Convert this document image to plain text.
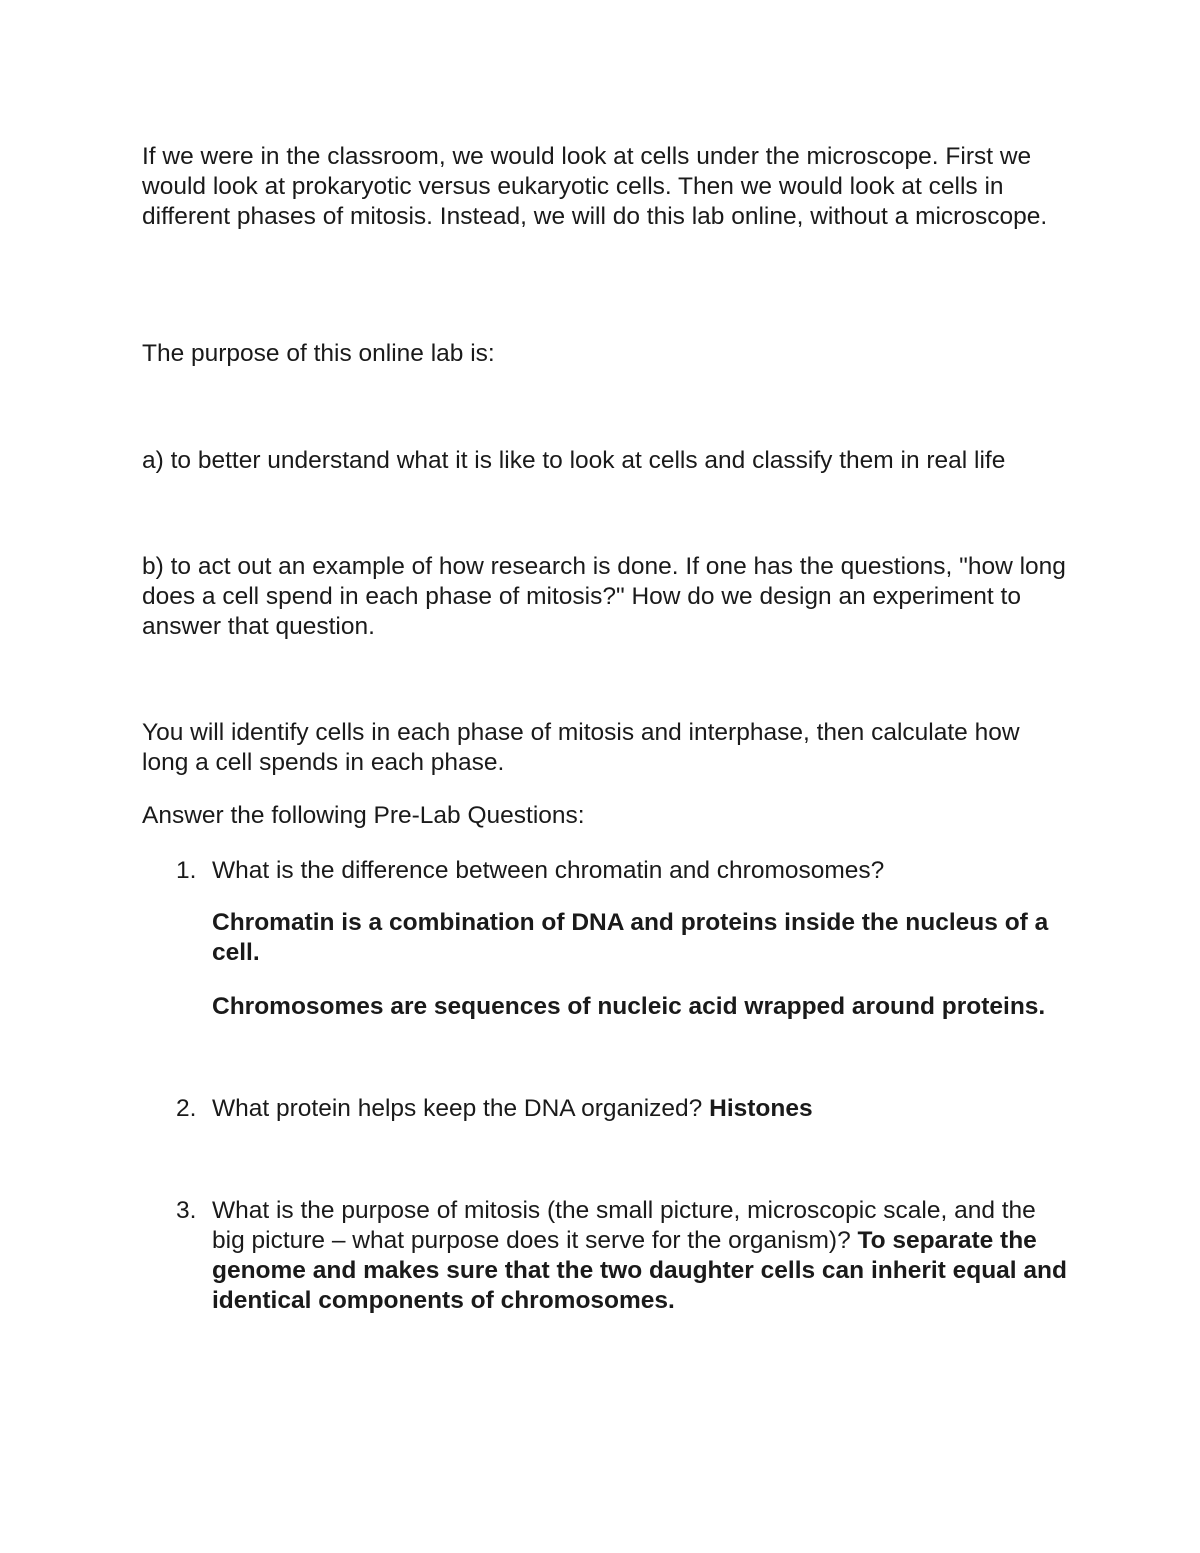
If we were in the classroom, we would look at cells under the microscope. First we would look at prokaryotic versus eukaryotic cells. Then we would look at cells in different phases of mitosis. Instead, we will do this lab online, without a microscope.

The purpose of this online lab is:

a) to better understand what it is like to look at cells and classify them in real life

b) to act out an example of how research is done. If one has the questions, "how long does a cell spend in each phase of mitosis?" How do we design an experiment to answer that question.

You will identify cells in each phase of mitosis and interphase, then calculate how long a cell spends in each phase.

Answer the following Pre-Lab Questions:

1. What is the difference between chromatin and chromosomes?
Chromatin is a combination of DNA and proteins inside the nucleus of a cell.
Chromosomes are sequences of nucleic acid wrapped around proteins.
2. What protein helps keep the DNA organized? Histones
3. What is the purpose of mitosis (the small picture, microscopic scale, and the big picture – what purpose does it serve for the organism)? To separate the genome and makes sure that the two daughter cells can inherit equal and identical components of chromosomes.
